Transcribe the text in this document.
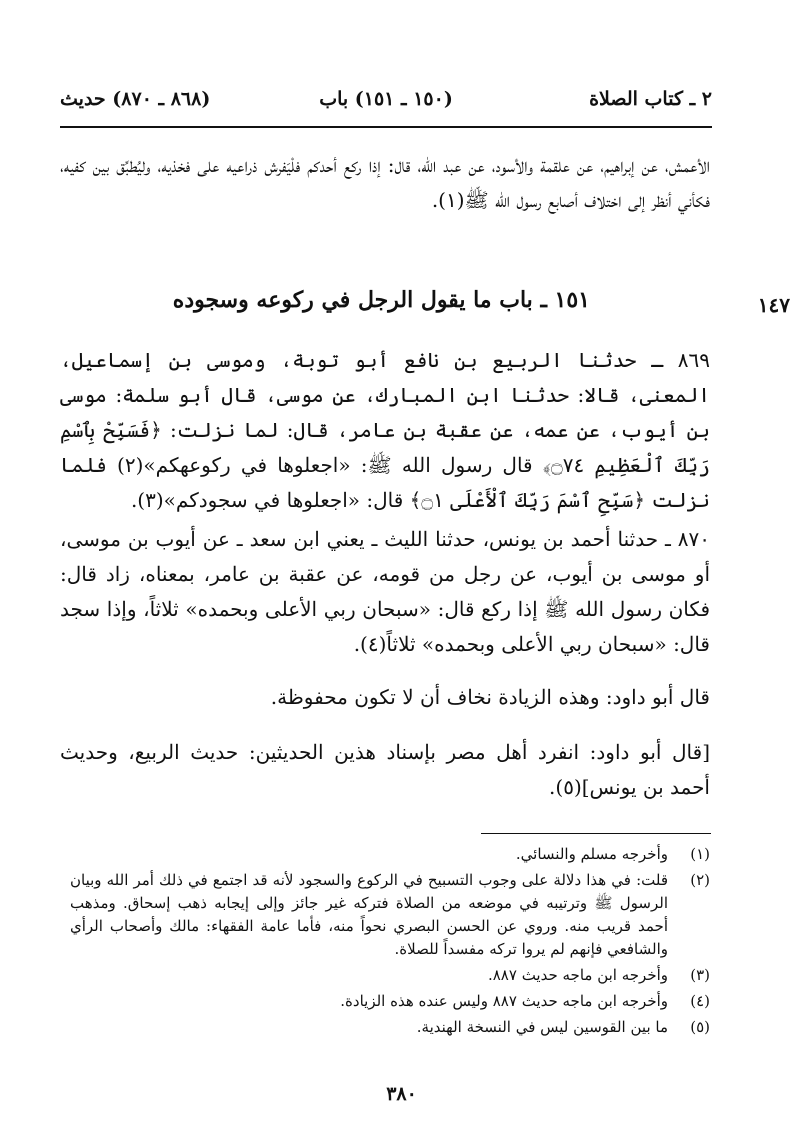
٢ ـ كتاب الصلاة
(١٥٠ ـ ١٥١) باب
(٨٦٨ ـ ٨٧٠) حديث

الأعمش، عن إبراهيم، عن علقمة والأسود، عن عبد الله، قال: إذا ركع أحدكم فلْيَفرش ذراعيه على فخذيه، وليُطبِّق بين كفيه، فكأني أنظر إلى اختلاف أصابع رسول الله ﷺ(١).

١٤٧
١٥١ ـ باب ما يقول الرجل في ركوعه وسجوده

٨٦٩ ـ حدثنا الربيع بن نافع أبو توبة، وموسى بن إسماعيل، المعنى، قالا: حدثنا ابن المبارك، عن موسى، قال أبو سلمة: موسى بن أيوب، عن عمه، عن عقبة بن عامر، قال: لما نزلت: ﴿فَسَبِّحْ بِٱسْمِ رَبِّكَ ٱلْعَظِيمِ ۝٧٤﴾ قال رسول الله ﷺ: «اجعلوها في ركوعهكم»(٢) فلما نزلت ﴿سَبِّحِ ٱسْمَ رَبِّكَ ٱلْأَعْلَى ۝١﴾ قال: «اجعلوها في سجودكم»(٣).

٨٧٠ ـ حدثنا أحمد بن يونس، حدثنا الليث ـ يعني ابن سعد ـ عن أيوب بن موسى، أو موسى بن أيوب، عن رجل من قومه، عن عقبة بن عامر، بمعناه، زاد قال: فكان رسول الله ﷺ إذا ركع قال: «سبحان ربي الأعلى وبحمده» ثلاثاً، وإذا سجد قال: «سبحان ربي الأعلى وبحمده» ثلاثاً(٤).

قال أبو داود: وهذه الزيادة نخاف أن لا تكون محفوظة.

[قال أبو داود: انفرد أهل مصر بإسناد هذين الحديثين: حديث الربيع، وحديث أحمد بن يونس](٥).

(١)
وأخرجه مسلم والنسائي.
(٢)
قلت: في هذا دلالة على وجوب التسبيح في الركوع والسجود لأنه قد اجتمع في ذلك أمر الله وبيان الرسول ﷺ وترتيبه في موضعه من الصلاة فتركه غير جائز وإلى إيجابه ذهب إسحاق. ومذهب أحمد قريب منه. وروي عن الحسن البصري نحواً منه، فأما عامة الفقهاء: مالك وأصحاب الرأي والشافعي فإنهم لم يروا تركه مفسداً للصلاة.
(٣)
وأخرجه ابن ماجه حديث ٨٨٧.
(٤)
وأخرجه ابن ماجه حديث ٨٨٧ وليس عنده هذه الزيادة.
(٥)
ما بين القوسين ليس في النسخة الهندية.
٣٨٠
